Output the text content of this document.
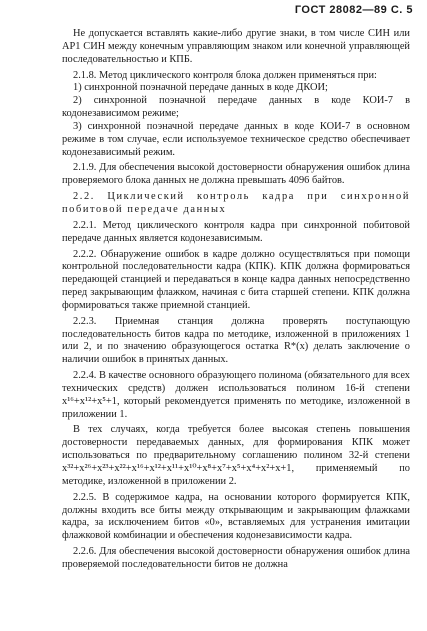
ГОСТ 28082—89 С. 5

Не допускается вставлять какие-либо другие знаки, в том числе СИН или АР1 СИН между конечным управляющим знаком или конечной управляющей последовательностью и КПБ.

2.1.8. Метод циклического контроля блока должен применяться при:

1) синхронной поэначной передаче данных в коде ДКОИ;

2) синхронной поэначной передаче данных в коде КОИ-7 в кодонезависимом режиме;

3) синхронной поэначной передаче данных в коде КОИ-7 в основном режиме в том случае, если используемое техническое средство обеспечивает кодонезависимый режим.

2.1.9. Для обеспечения высокой достоверности обнаружения ошибок длина проверяемого блока данных не должна превышать 4096 байтов.

2.2. Циклический контроль кадра при синхронной побитовой передаче данных

2.2.1. Метод циклического контроля кадра при синхронной побитовой передаче данных является кодонезависимым.

2.2.2. Обнаружение ошибок в кадре должно осуществляться при помощи контрольной последовательности кадра (КПК). КПК должна формироваться передающей станцией и передаваться в конце кадра данных непосредственно перед закрывающим флажком, начиная с бита старшей степени. КПК должна формироваться также приемной станцией.

2.2.3. Приемная станция должна проверять поступающую последовательность битов кадра по методике, изложенной в приложениях 1 или 2, и по значению образующегося остатка R*(x) делать заключение о наличии ошибок в принятых данных.

2.2.4. В качестве основного образующего полинома (обязательного для всех технических средств) должен использоваться полином 16-й степени x¹⁶+x¹²+x⁵+1, который рекомендуется применять по методике, изложенной в приложении 1.

В тех случаях, когда требуется более высокая степень повышения достоверности передаваемых данных, для формирования КПК может использоваться по предварительному соглашению полином 32-й степени x³²+x²⁶+x²³+x²²+x¹⁶+x¹²+x¹¹+x¹⁰+x⁸+x⁷+x⁵+x⁴+x²+x+1, применяемый по методике, изложенной в приложении 2.

2.2.5. В содержимое кадра, на основании которого формируется КПК, должны входить все биты между открывающим и закрывающим флажками кадра, за исключением битов «0», вставляемых для устранения имитации флажковой комбинации и обеспечения кодонезависимости кадра.

2.2.6. Для обеспечения высокой достоверности обнаружения ошибок длина проверяемой последовательности битов не должна
